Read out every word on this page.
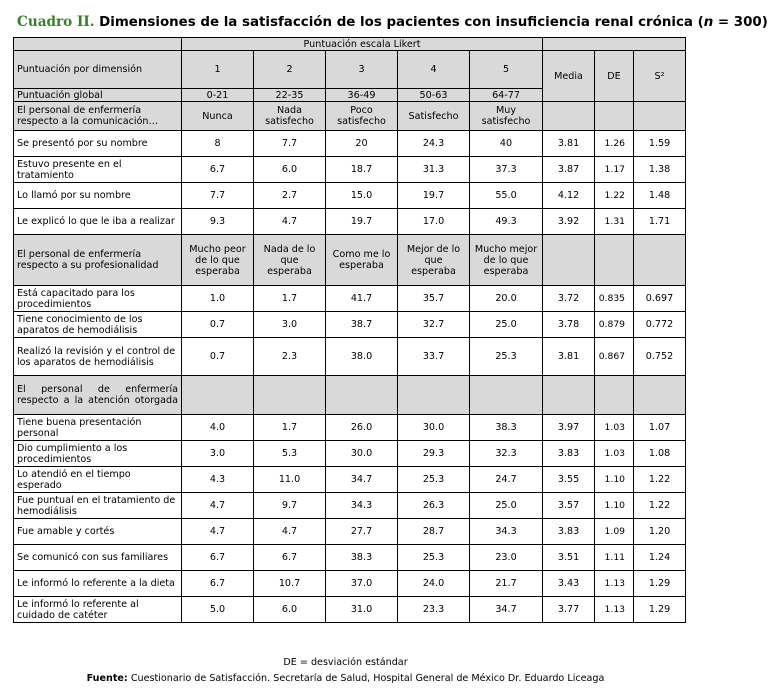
Cuadro II. Dimensiones de la satisfacción de los pacientes con insuficiencia renal crónica (n = 300)
	Puntuación escala Likert							
Puntuación por dimensión	1	2	3	4	5	Media	DE	S²
Puntuación global	0-21	22-35	36-49	50-63	64-77			
El personal de enfermería respecto a la comunicación…	Nunca	Nada satisfecho	Poco satisfecho	Satisfecho	Muy satisfecho			
Se presentó por su nombre	8	7.7	20	24.3	40	3.81	1.26	1.59
Estuvo presente en el tratamiento	6.7	6.0	18.7	31.3	37.3	3.87	1.17	1.38
Lo llamó por su nombre	7.7	2.7	15.0	19.7	55.0	4.12	1.22	1.48
Le explicó lo que le iba a realizar	9.3	4.7	19.7	17.0	49.3	3.92	1.31	1.71
El personal de enfermería respecto a su profesionalidad	Mucho peor de lo que esperaba	Nada de lo que esperaba	Como me lo esperaba	Mejor de lo que esperaba	Mucho mejor de lo que esperaba			
Está capacitado para los procedimientos	1.0	1.7	41.7	35.7	20.0	3.72	0.835	0.697
Tiene conocimiento de los aparatos de hemodiálisis	0.7	3.0	38.7	32.7	25.0	3.78	0.879	0.772
Realizó la revisión y el control de los aparatos de hemodiálisis	0.7	2.3	38.0	33.7	25.3	3.81	0.867	0.752
El personal de enfermería respecto a la atención otorgada								
Tiene buena presentación personal	4.0	1.7	26.0	30.0	38.3	3.97	1.03	1.07
Dio cumplimiento a los procedimientos	3.0	5.3	30.0	29.3	32.3	3.83	1.03	1.08
Lo atendió en el tiempo esperado	4.3	11.0	34.7	25.3	24.7	3.55	1.10	1.22
Fue puntual en el tratamiento de hemodiálisis	4.7	9.7	34.3	26.3	25.0	3.57	1.10	1.22
Fue amable y cortés	4.7	4.7	27.7	28.7	34.3	3.83	1.09	1.20
Se comunicó con sus familiares	6.7	6.7	38.3	25.3	23.0	3.51	1.11	1.24
Le informó lo referente a la dieta	6.7	10.7	37.0	24.0	21.7	3.43	1.13	1.29
Le informó lo referente al cuidado de catéter	5.0	6.0	31.0	23.3	34.7	3.77	1.13	1.29
DE = desviación estándar
Fuente: Cuestionario de Satisfacción. Secretaría de Salud, Hospital General de México Dr. Eduardo Liceaga
